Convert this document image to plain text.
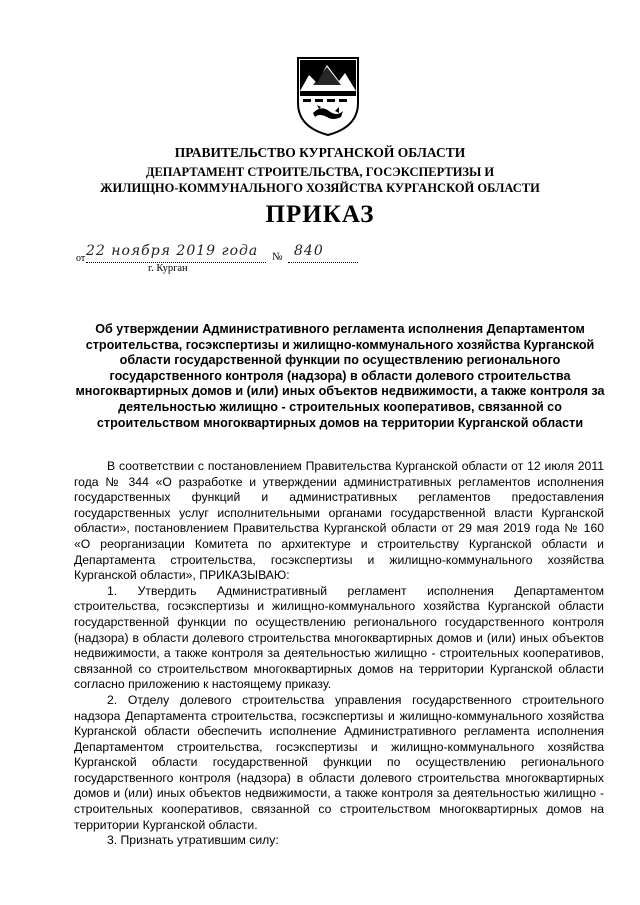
ПРАВИТЕЛЬСТВО КУРГАНСКОЙ ОБЛАСТИ
ДЕПАРТАМЕНТ СТРОИТЕЛЬСТВА, ГОСЭКСПЕРТИЗЫ И
ЖИЛИЩНО-КОММУНАЛЬНОГО ХОЗЯЙСТВА КУРГАНСКОЙ ОБЛАСТИ
ПРИКАЗ
от 22 ноября 2019 года № 840
г. Курган

Об утверждении Административного регламента исполнения Департаментом строительства, госэкспертизы и жилищно-коммунального хозяйства Курганской области государственной функции по осуществлению регионального государственного контроля (надзора) в области долевого строительства многоквартирных домов и (или) иных объектов недвижимости, а также контроля за деятельностью жилищно - строительных кооперативов, связанной со строительством многоквартирных домов на территории Курганской области

В соответствии с постановлением Правительства Курганской области от 12 июля 2011 года № 344 «О разработке и утверждении административных регламентов исполнения государственных функций и административных регламентов предоставления государственных услуг исполнительными органами государственной власти Курганской области», постановлением Правительства Курганской области от 29 мая 2019 года № 160 «О реорганизации Комитета по архитектуре и строительству Курганской области и Департамента строительства, госэкспертизы и жилищно-коммунального хозяйства Курганской области», ПРИКАЗЫВАЮ:

1. Утвердить Административный регламент исполнения Департаментом строительства, госэкспертизы и жилищно-коммунального хозяйства Курганской области государственной функции по осуществлению регионального государственного контроля (надзора) в области долевого строительства многоквартирных домов и (или) иных объектов недвижимости, а также контроля за деятельностью жилищно - строительных кооперативов, связанной со строительством многоквартирных домов на территории Курганской области согласно приложению к настоящему приказу.

2. Отделу долевого строительства управления государственного строительного надзора Департамента строительства, госэкспертизы и жилищно-коммунального хозяйства Курганской области обеспечить исполнение Административного регламента исполнения Департаментом строительства, госэкспертизы и жилищно-коммунального хозяйства Курганской области государственной функции по осуществлению регионального государственного контроля (надзора) в области долевого строительства многоквартирных домов и (или) иных объектов недвижимости, а также контроля за деятельностью жилищно - строительных кооперативов, связанной со строительством многоквартирных домов на территории Курганской области.

3. Признать утратившим силу:
